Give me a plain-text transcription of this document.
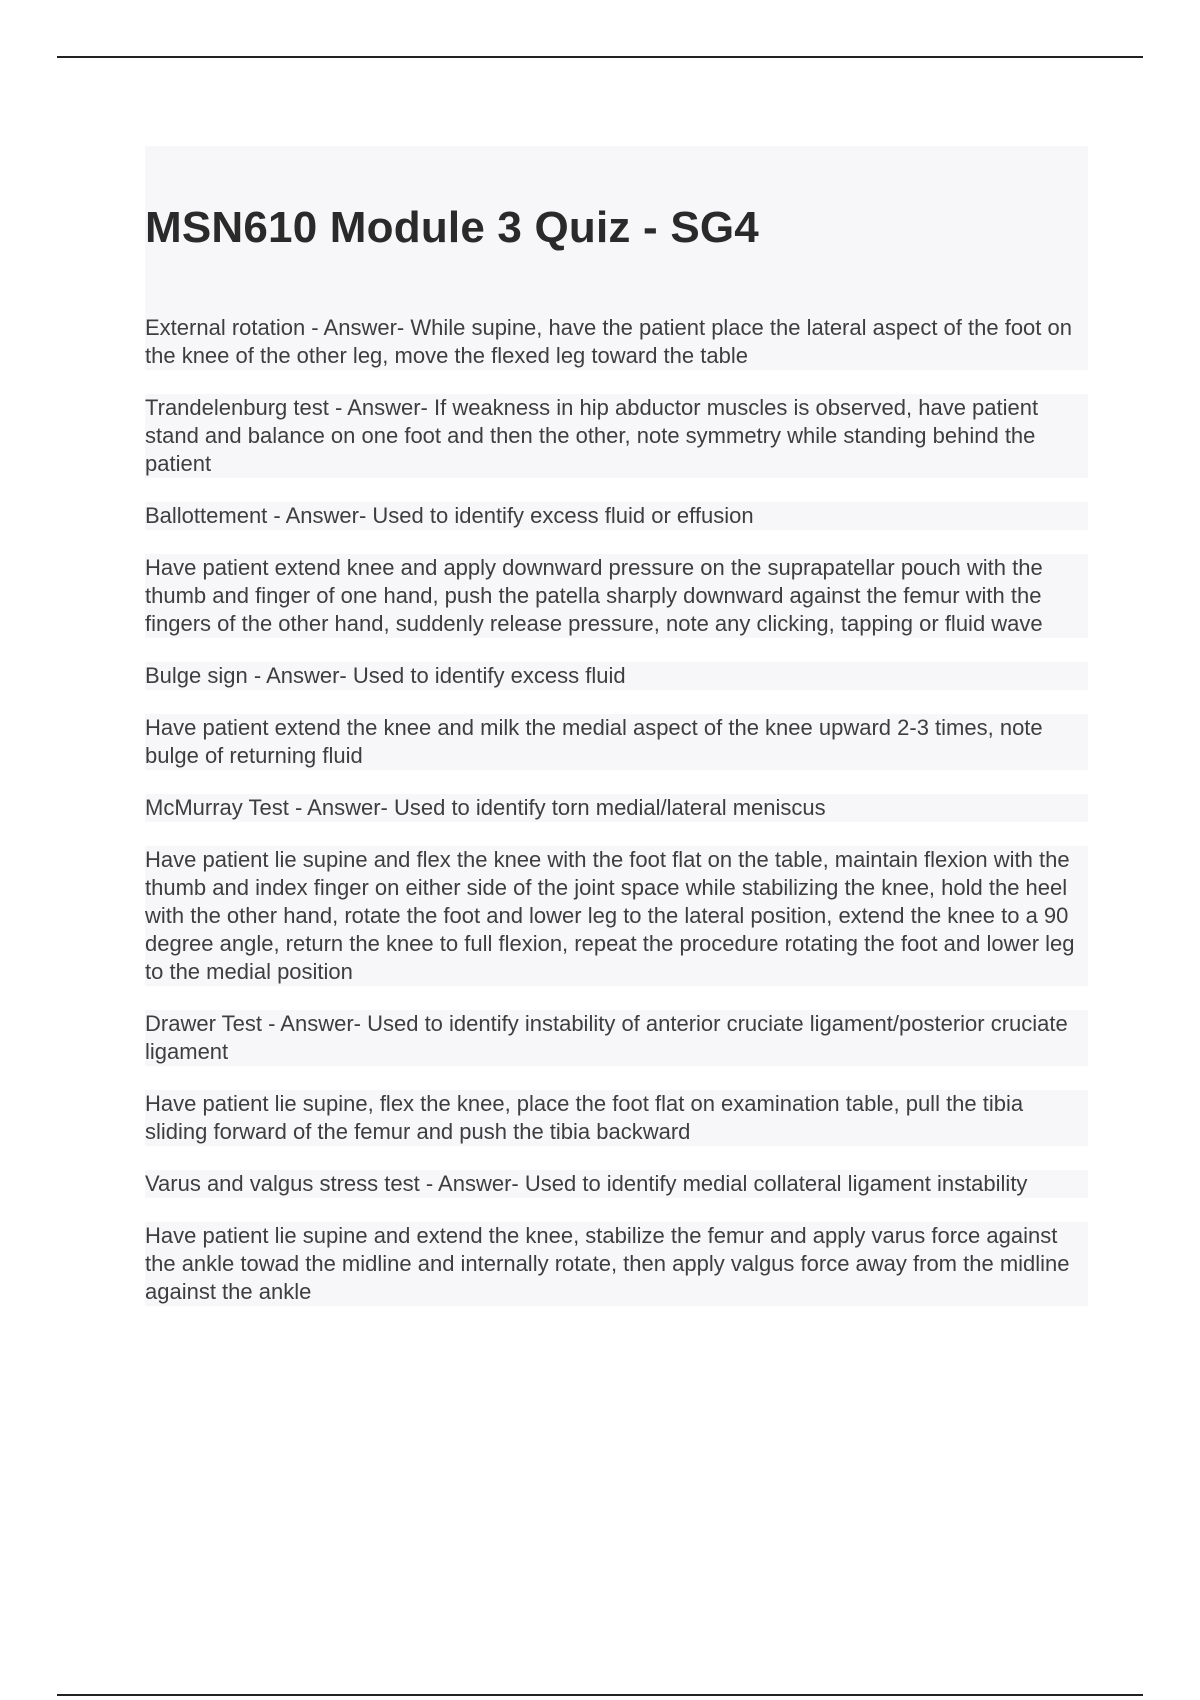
MSN610 Module 3 Quiz - SG4

External rotation - Answer- While supine, have the patient place the lateral aspect of the foot on the knee of the other leg, move the flexed leg toward the table

Trandelenburg test - Answer- If weakness in hip abductor muscles is observed, have patient stand and balance on one foot and then the other, note symmetry while standing behind the patient

Ballottement - Answer- Used to identify excess fluid or effusion

Have patient extend knee and apply downward pressure on the suprapatellar pouch with the thumb and finger of one hand, push the patella sharply downward against the femur with the fingers of the other hand, suddenly release pressure, note any clicking, tapping or fluid wave

Bulge sign - Answer- Used to identify excess fluid

Have patient extend the knee and milk the medial aspect of the knee upward 2-3 times, note bulge of returning fluid

McMurray Test - Answer- Used to identify torn medial/lateral meniscus

Have patient lie supine and flex the knee with the foot flat on the table, maintain flexion with the thumb and index finger on either side of the joint space while stabilizing the knee, hold the heel with the other hand, rotate the foot and lower leg to the lateral position, extend the knee to a 90 degree angle, return the knee to full flexion, repeat the procedure rotating the foot and lower leg to the medial position

Drawer Test - Answer- Used to identify instability of anterior cruciate ligament/posterior cruciate ligament

Have patient lie supine, flex the knee, place the foot flat on examination table, pull the tibia sliding forward of the femur and push the tibia backward

Varus and valgus stress test - Answer- Used to identify medial collateral ligament instability

Have patient lie supine and extend the knee, stabilize the femur and apply varus force against the ankle towad the midline and internally rotate, then apply valgus force away from the midline against the ankle
